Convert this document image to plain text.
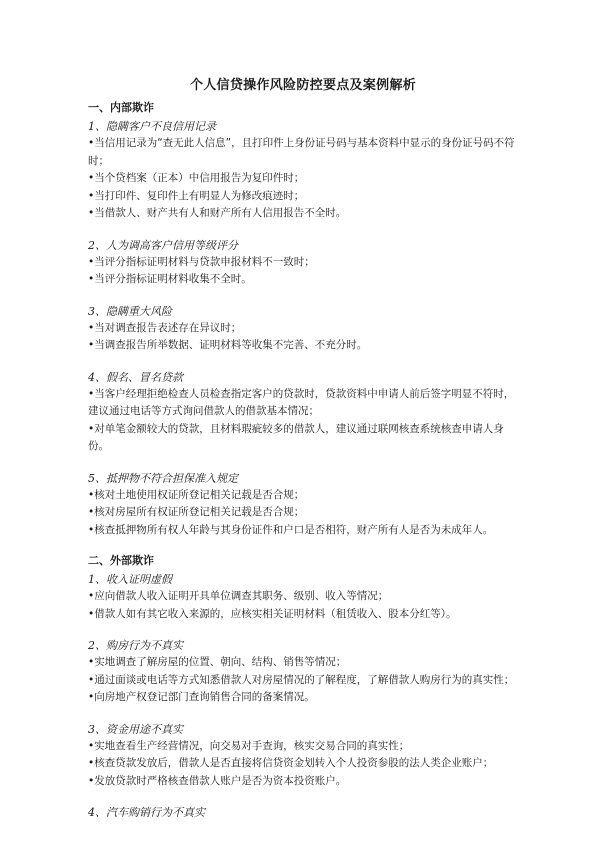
个人信贷操作风险防控要点及案例解析
一、内部欺诈
1、隐瞒客户不良信用记录
•当信用记录为“查无此人信息”，且打印件上身份证号码与基本资料中显示的身份证号码不符时；
•当个贷档案（正本）中信用报告为复印件时；
•当打印件、复印件上有明显人为修改痕迹时；
•当借款人、财产共有人和财产所有人信用报告不全时。
2、人为调高客户信用等级评分
•当评分指标证明材料与贷款申报材料不一致时；
•当评分指标证明材料收集不全时。
3、隐瞒重大风险
•当对调查报告表述存在异议时；
•当调查报告所举数据、证明材料等收集不完善、不充分时。
4、假名、冒名贷款
•当客户经理拒绝检查人员检查指定客户的贷款时，贷款资料中申请人前后签字明显不符时，建议通过电话等方式询问借款人的借款基本情况；
•对单笔金额较大的贷款，且材料瑕疵较多的借款人，建议通过联网核查系统核查申请人身份。
5、抵押物不符合担保准入规定
•核对土地使用权证所登记相关记载是否合规；
•核对房屋所有权证所登记相关记载是否合规；
•核查抵押物所有权人年龄与其身份证件和户口是否相符，财产所有人是否为未成年人。
二、外部欺诈
1、收入证明虚假
•应向借款人收入证明开具单位调查其职务、级别、收入等情况；
•借款人如有其它收入来源的，应核实相关证明材料（租赁收入、股本分红等）。
2、购房行为不真实
•实地调查了解房屋的位置、朝向、结构、销售等情况；
•通过面谈或电话等方式知悉借款人对房屋情况的了解程度，了解借款人购房行为的真实性；
•向房地产权登记部门查询销售合同的备案情况。
3、资金用途不真实
•实地查看生产经营情况，向交易对手查询，核实交易合同的真实性；
•核查贷款发放后，借款人是否直接将信贷资金划转入个人投资参股的法人类企业账户；
•发放贷款时严格核查借款人账户是否为资本投资账户。
4、汽车购销行为不真实
